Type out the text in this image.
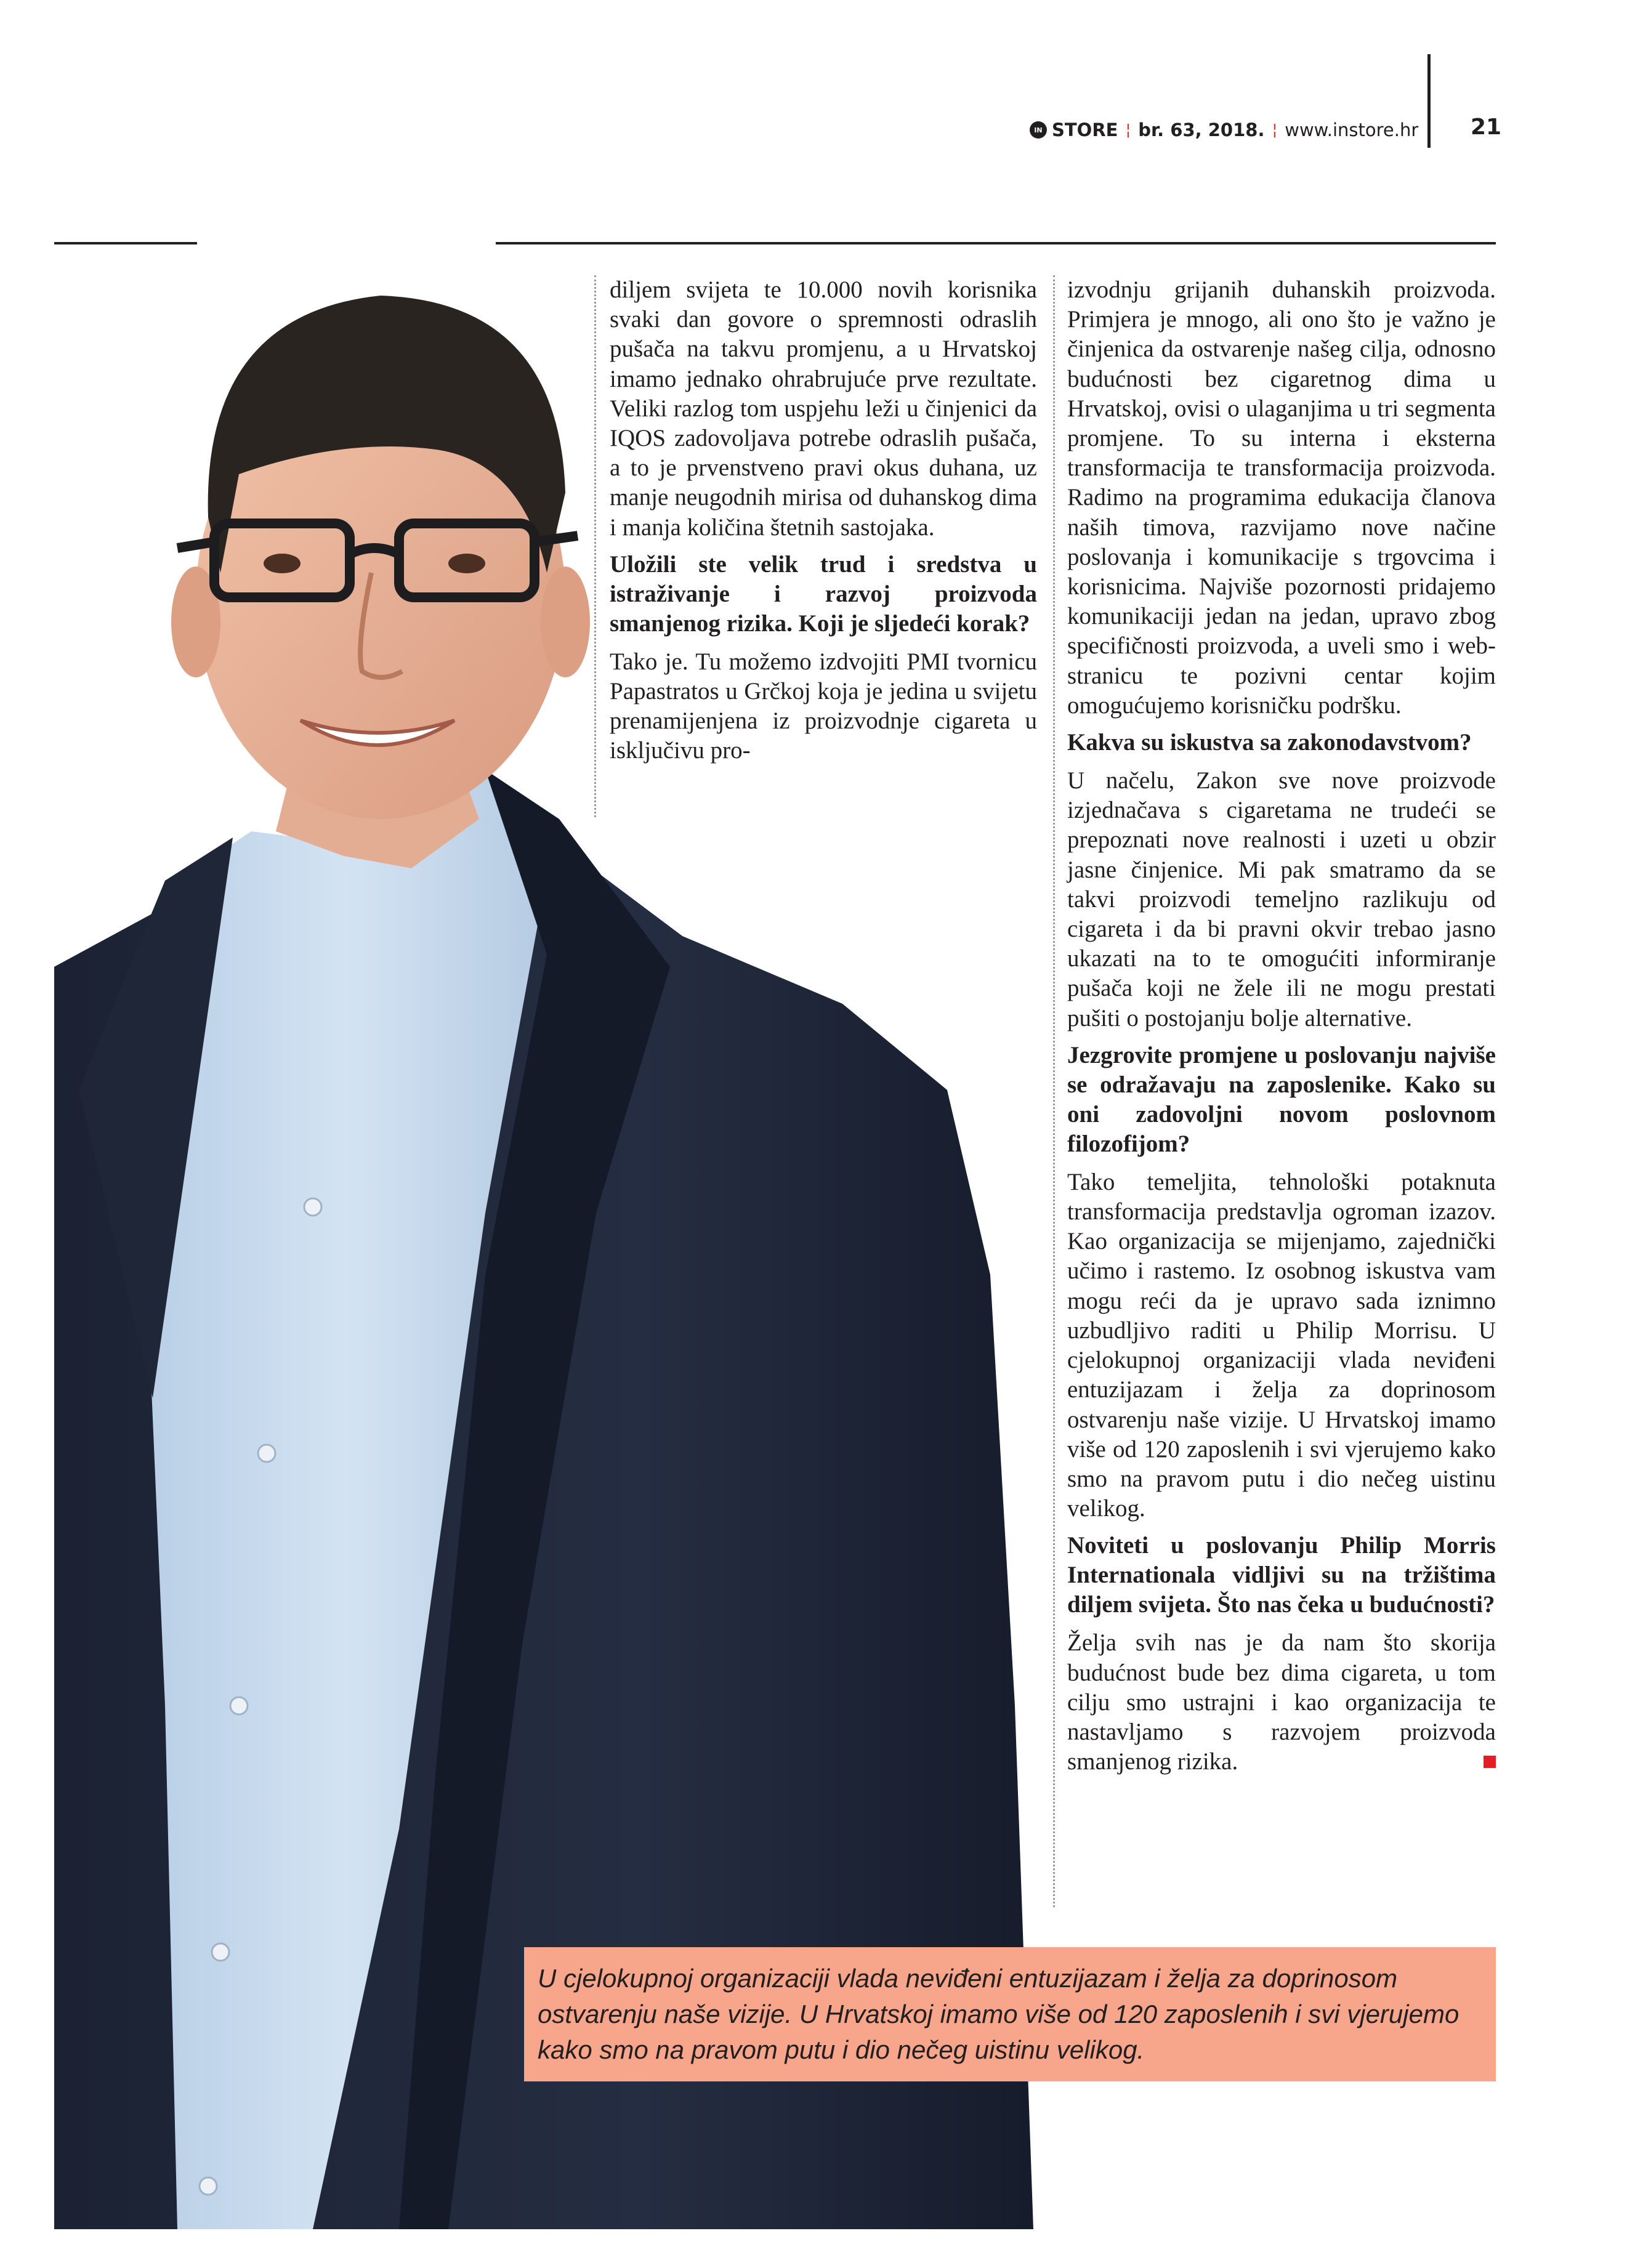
IN STORE ¦ br. 63, 2018. ¦ www.instore.hr 21

diljem svijeta te 10.000 novih korisnika svaki dan govore o spremnosti odraslih pušača na takvu promjenu, a u Hrvatskoj imamo jednako ohrabrujuće prve rezultate. Veliki razlog tom uspjehu leži u činjenici da IQOS zadovoljava potrebe odraslih pušača, a to je prvenstveno pravi okus duhana, uz manje neugodnih mirisa od duhanskog dima i manja količina štetnih sastojaka.

Uložili ste velik trud i sredstva u istraživanje i razvoj proizvoda smanjenog rizika. Koji je sljedeći korak?

Tako je. Tu možemo izdvojiti PMI tvornicu Papastratos u Grčkoj koja je jedina u svijetu prenamijenjena iz proizvodnje cigareta u isključivu pro-

izvodnju grijanih duhanskih proizvoda. Primjera je mnogo, ali ono što je važno je činjenica da ostvarenje našeg cilja, odnosno budućnosti bez cigaretnog dima u Hrvatskoj, ovisi o ulaganjima u tri segmenta promjene. To su interna i eksterna transformacija te transformacija proizvoda. Radimo na programima edukacija članova naših timova, razvijamo nove načine poslovanja i komunikacije s trgovcima i korisnicima. Najviše pozornosti pridajemo komunikaciji jedan na jedan, upravo zbog specifičnosti proizvoda, a uveli smo i web-stranicu te pozivni centar kojim omogućujemo korisničku podršku.

Kakva su iskustva sa zakonodavstvom?

U načelu, Zakon sve nove proizvode izjednačava s cigaretama ne trudeći se prepoznati nove realnosti i uzeti u obzir jasne činjenice. Mi pak smatramo da se takvi proizvodi temeljno razlikuju od cigareta i da bi pravni okvir trebao jasno ukazati na to te omogućiti informiranje pušača koji ne žele ili ne mogu prestati pušiti o postojanju bolje alternative.

Jezgrovite promjene u poslovanju najviše se odražavaju na zaposlenike. Kako su oni zadovoljni novom poslovnom filozofijom?

Tako temeljita, tehnološki potaknuta transformacija predstavlja ogroman izazov. Kao organizacija se mijenjamo, zajednički učimo i rastemo. Iz osobnog iskustva vam mogu reći da je upravo sada iznimno uzbudljivo raditi u Philip Morrisu. U cjelokupnoj organizaciji vlada neviđeni entuzijazam i želja za doprinosom ostvarenju naše vizije. U Hrvatskoj imamo više od 120 zaposlenih i svi vjerujemo kako smo na pravom putu i dio nečeg uistinu velikog.

Noviteti u poslovanju Philip Morris Internationala vidljivi su na tržištima diljem svijeta. Što nas čeka u budućnosti?

Želja svih nas je da nam što skorija budućnost bude bez dima cigareta, u tom cilju smo ustrajni i kao organizacija te nastavljamo s razvojem proizvoda smanjenog rizika.

U cjelokupnoj organizaciji vlada neviđeni entuzijazam i želja za doprinosom ostvarenju naše vizije. U Hrvatskoj imamo više od 120 zaposlenih i svi vjerujemo kako smo na pravom putu i dio nečeg uistinu velikog.
